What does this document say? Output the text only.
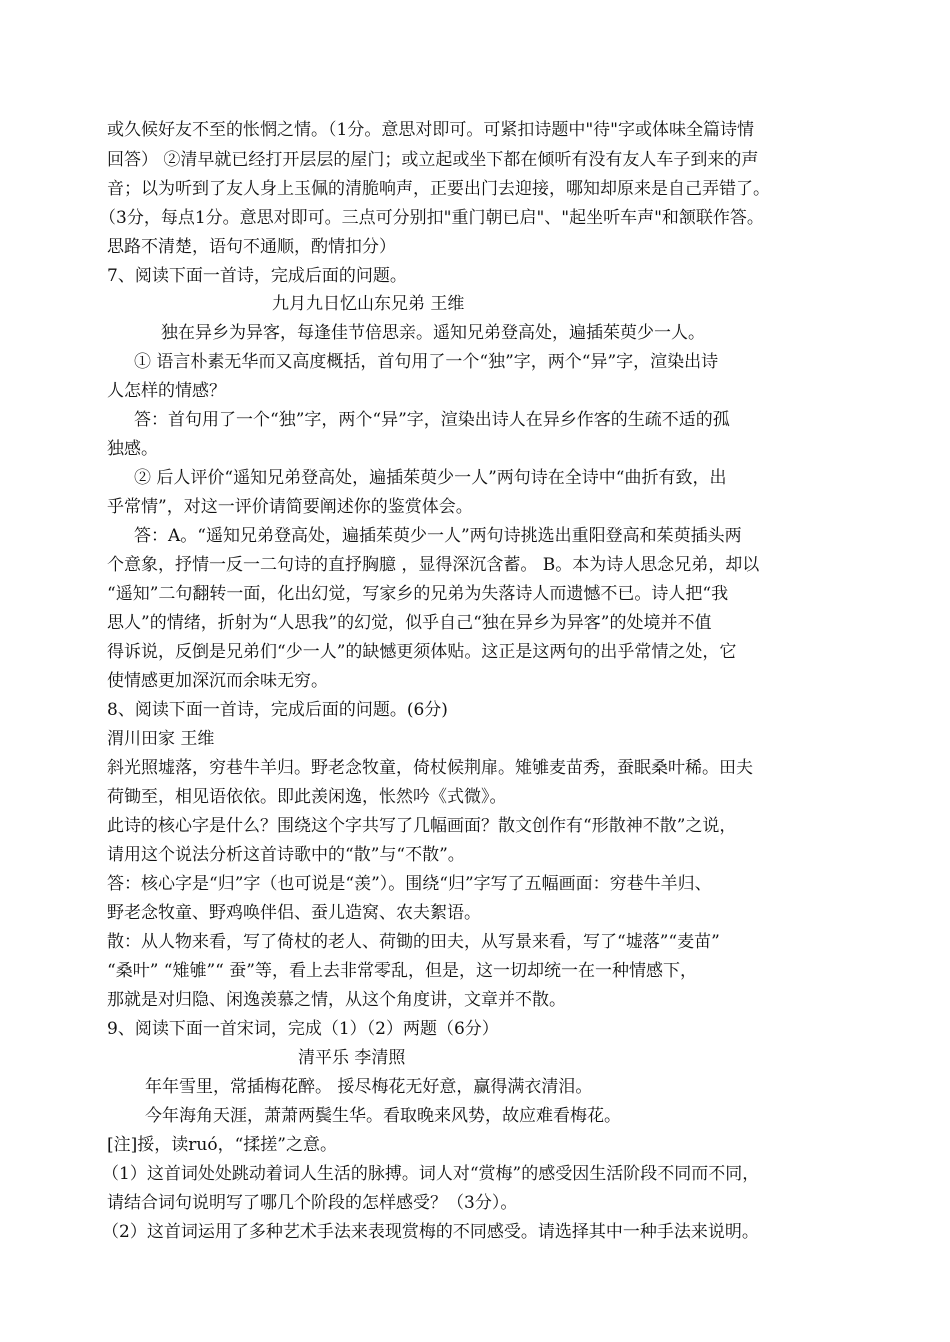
或久候好友不至的怅惘之情。（1分。意思对即可。可紧扣诗题中"待"字或体味全篇诗情
回答） ②清早就已经打开层层的屋门；或立起或坐下都在倾听有没有友人车子到来的声
音；以为听到了友人身上玉佩的清脆响声，正要出门去迎接，哪知却原来是自己弄错了。
（3分，每点1分。意思对即可。三点可分别扣"重门朝已启"、"起坐听车声"和颔联作答。
思路不清楚，语句不通顺，酌情扣分）
7、阅读下面一首诗，完成后面的问题。
九月九日忆山东兄弟 王维
独在异乡为异客，每逢佳节倍思亲。遥知兄弟登高处，遍插茱萸少一人。
① 语言朴素无华而又高度概括，首句用了一个“独”字，两个“异”字，渲染出诗
人怎样的情感？
答：首句用了一个“独”字，两个“异”字，渲染出诗人在异乡作客的生疏不适的孤
独感。
② 后人评价“遥知兄弟登高处，遍插茱萸少一人”两句诗在全诗中“曲折有致，出
乎常情”，对这一评价请简要阐述你的鉴赏体会。
答：A。“遥知兄弟登高处，遍插茱萸少一人”两句诗挑选出重阳登高和茱萸插头两
个意象，抒情一反一二句诗的直抒胸臆 ，显得深沉含蓄。 B。本为诗人思念兄弟，却以
“遥知”二句翻转一面，化出幻觉，写家乡的兄弟为失落诗人而遗憾不已。诗人把“我
思人”的情绪，折射为“人思我”的幻觉，似乎自己“独在异乡为异客”的处境并不值
得诉说，反倒是兄弟们“少一人”的缺憾更须体贴。这正是这两句的出乎常情之处，它
使情感更加深沉而余味无穷。
8、阅读下面一首诗，完成后面的问题。(6分)
渭川田家 王维
斜光照墟落，穷巷牛羊归。野老念牧童，倚杖候荆扉。雉雊麦苗秀，蚕眠桑叶稀。田夫
荷锄至，相见语依依。即此羡闲逸，怅然吟《式微》。
此诗的核心字是什么？围绕这个字共写了几幅画面？散文创作有“形散神不散”之说，
请用这个说法分析这首诗歌中的“散”与“不散”。
答：核心字是“归”字（也可说是“羡”）。围绕“归”字写了五幅画面：穷巷牛羊归、
野老念牧童、野鸡唤伴侣、蚕儿造窝、农夫絮语。
散：从人物来看，写了倚杖的老人、荷锄的田夫，从写景来看，写了“墟落”“麦苗”
“桑叶” “雉雊”“ 蚕”等，看上去非常零乱，但是，这一切却统一在一种情感下，
那就是对归隐、闲逸羡慕之情，从这个角度讲，文章并不散。
9、阅读下面一首宋词，完成（1）（2）两题（6分）
清平乐 李清照
年年雪里，常插梅花醉。 挼尽梅花无好意，赢得满衣清泪。
今年海角天涯，萧萧两鬓生华。看取晚来风势，故应难看梅花。
[注]挼，读ruó，“揉搓”之意。
（1）这首词处处跳动着词人生活的脉搏。词人对“赏梅”的感受因生活阶段不同而不同，
请结合词句说明写了哪几个阶段的怎样感受？（3分）。
（2）这首词运用了多种艺术手法来表现赏梅的不同感受。请选择其中一种手法来说明。
